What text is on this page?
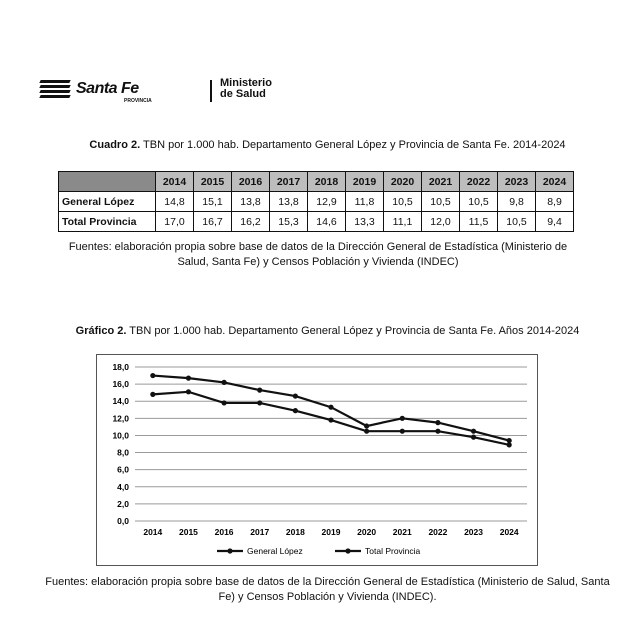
Santa Fe
PROVINCIA
Ministerio
de Salud
Cuadro 2. TBN por 1.000 hab. Departamento General López y Provincia de Santa Fe. 2014-2024
	2014	2015	2016	2017	2018	2019	2020	2021	2022	2023	2024
General López	14,8	15,1	13,8	13,8	12,9	11,8	10,5	10,5	10,5	9,8	8,9
Total Provincia	17,0	16,7	16,2	15,3	14,6	13,3	11,1	12,0	11,5	10,5	9,4
Fuentes: elaboración propia sobre base de datos de la Dirección General de Estadística (Ministerio de Salud, Santa Fe) y Censos Población y Vivienda (INDEC)
Gráfico 2. TBN por 1.000 hab. Departamento General López y Provincia de Santa Fe. Años 2014-2024
0,0
2,0
4,0
6,0
8,0
10,0
12,0
14,0
16,0
18,0
2014 2015 2016 2017 2018 2019 2020 2021 2022 2023 2024
General López	Total Provincia
Fuentes: elaboración propia sobre base de datos de la Dirección General de Estadística (Ministerio de Salud, Santa Fe) y Censos Población y Vivienda (INDEC).
